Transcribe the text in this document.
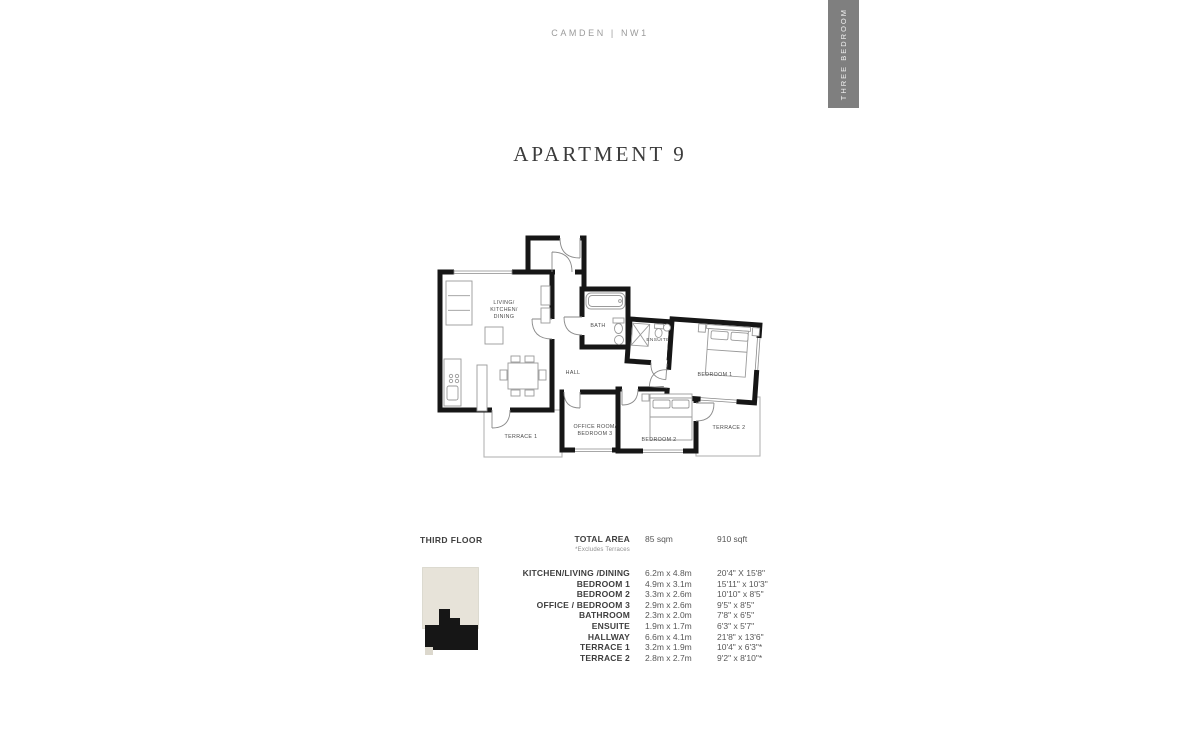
CAMDEN | NW1	THREE BEDROOM
APARTMENT 9
LIVING/
KITCHEN/
DINING
BATH
ENSUITE
BEDROOM 1
HALL
OFFICE ROOM/
BEDROOM 3
BEDROOM 2
TERRACE 1
TERRACE 2
THIRD FLOOR	TOTAL AREA	85 sqm	910 sqft
*Excludes Terraces
KITCHEN/LIVING /DINING	6.2m x 4.8m	20'4" X 15'8"
BEDROOM 1	4.9m x 3.1m	15'11" x 10'3"
BEDROOM 2	3.3m x 2.6m	10'10" x 8'5"
OFFICE / BEDROOM 3	2.9m x 2.6m	9'5" x 8'5"
BATHROOM	2.3m x 2.0m	7'8" x 6'5"
ENSUITE	1.9m x 1.7m	6'3" x 5'7"
HALLWAY	6.6m x 4.1m	21'8" x 13'6"
TERRACE 1	3.2m x 1.9m	10'4" x 6'3"*
TERRACE 2	2.8m x 2.7m	9'2" x 8'10"*
